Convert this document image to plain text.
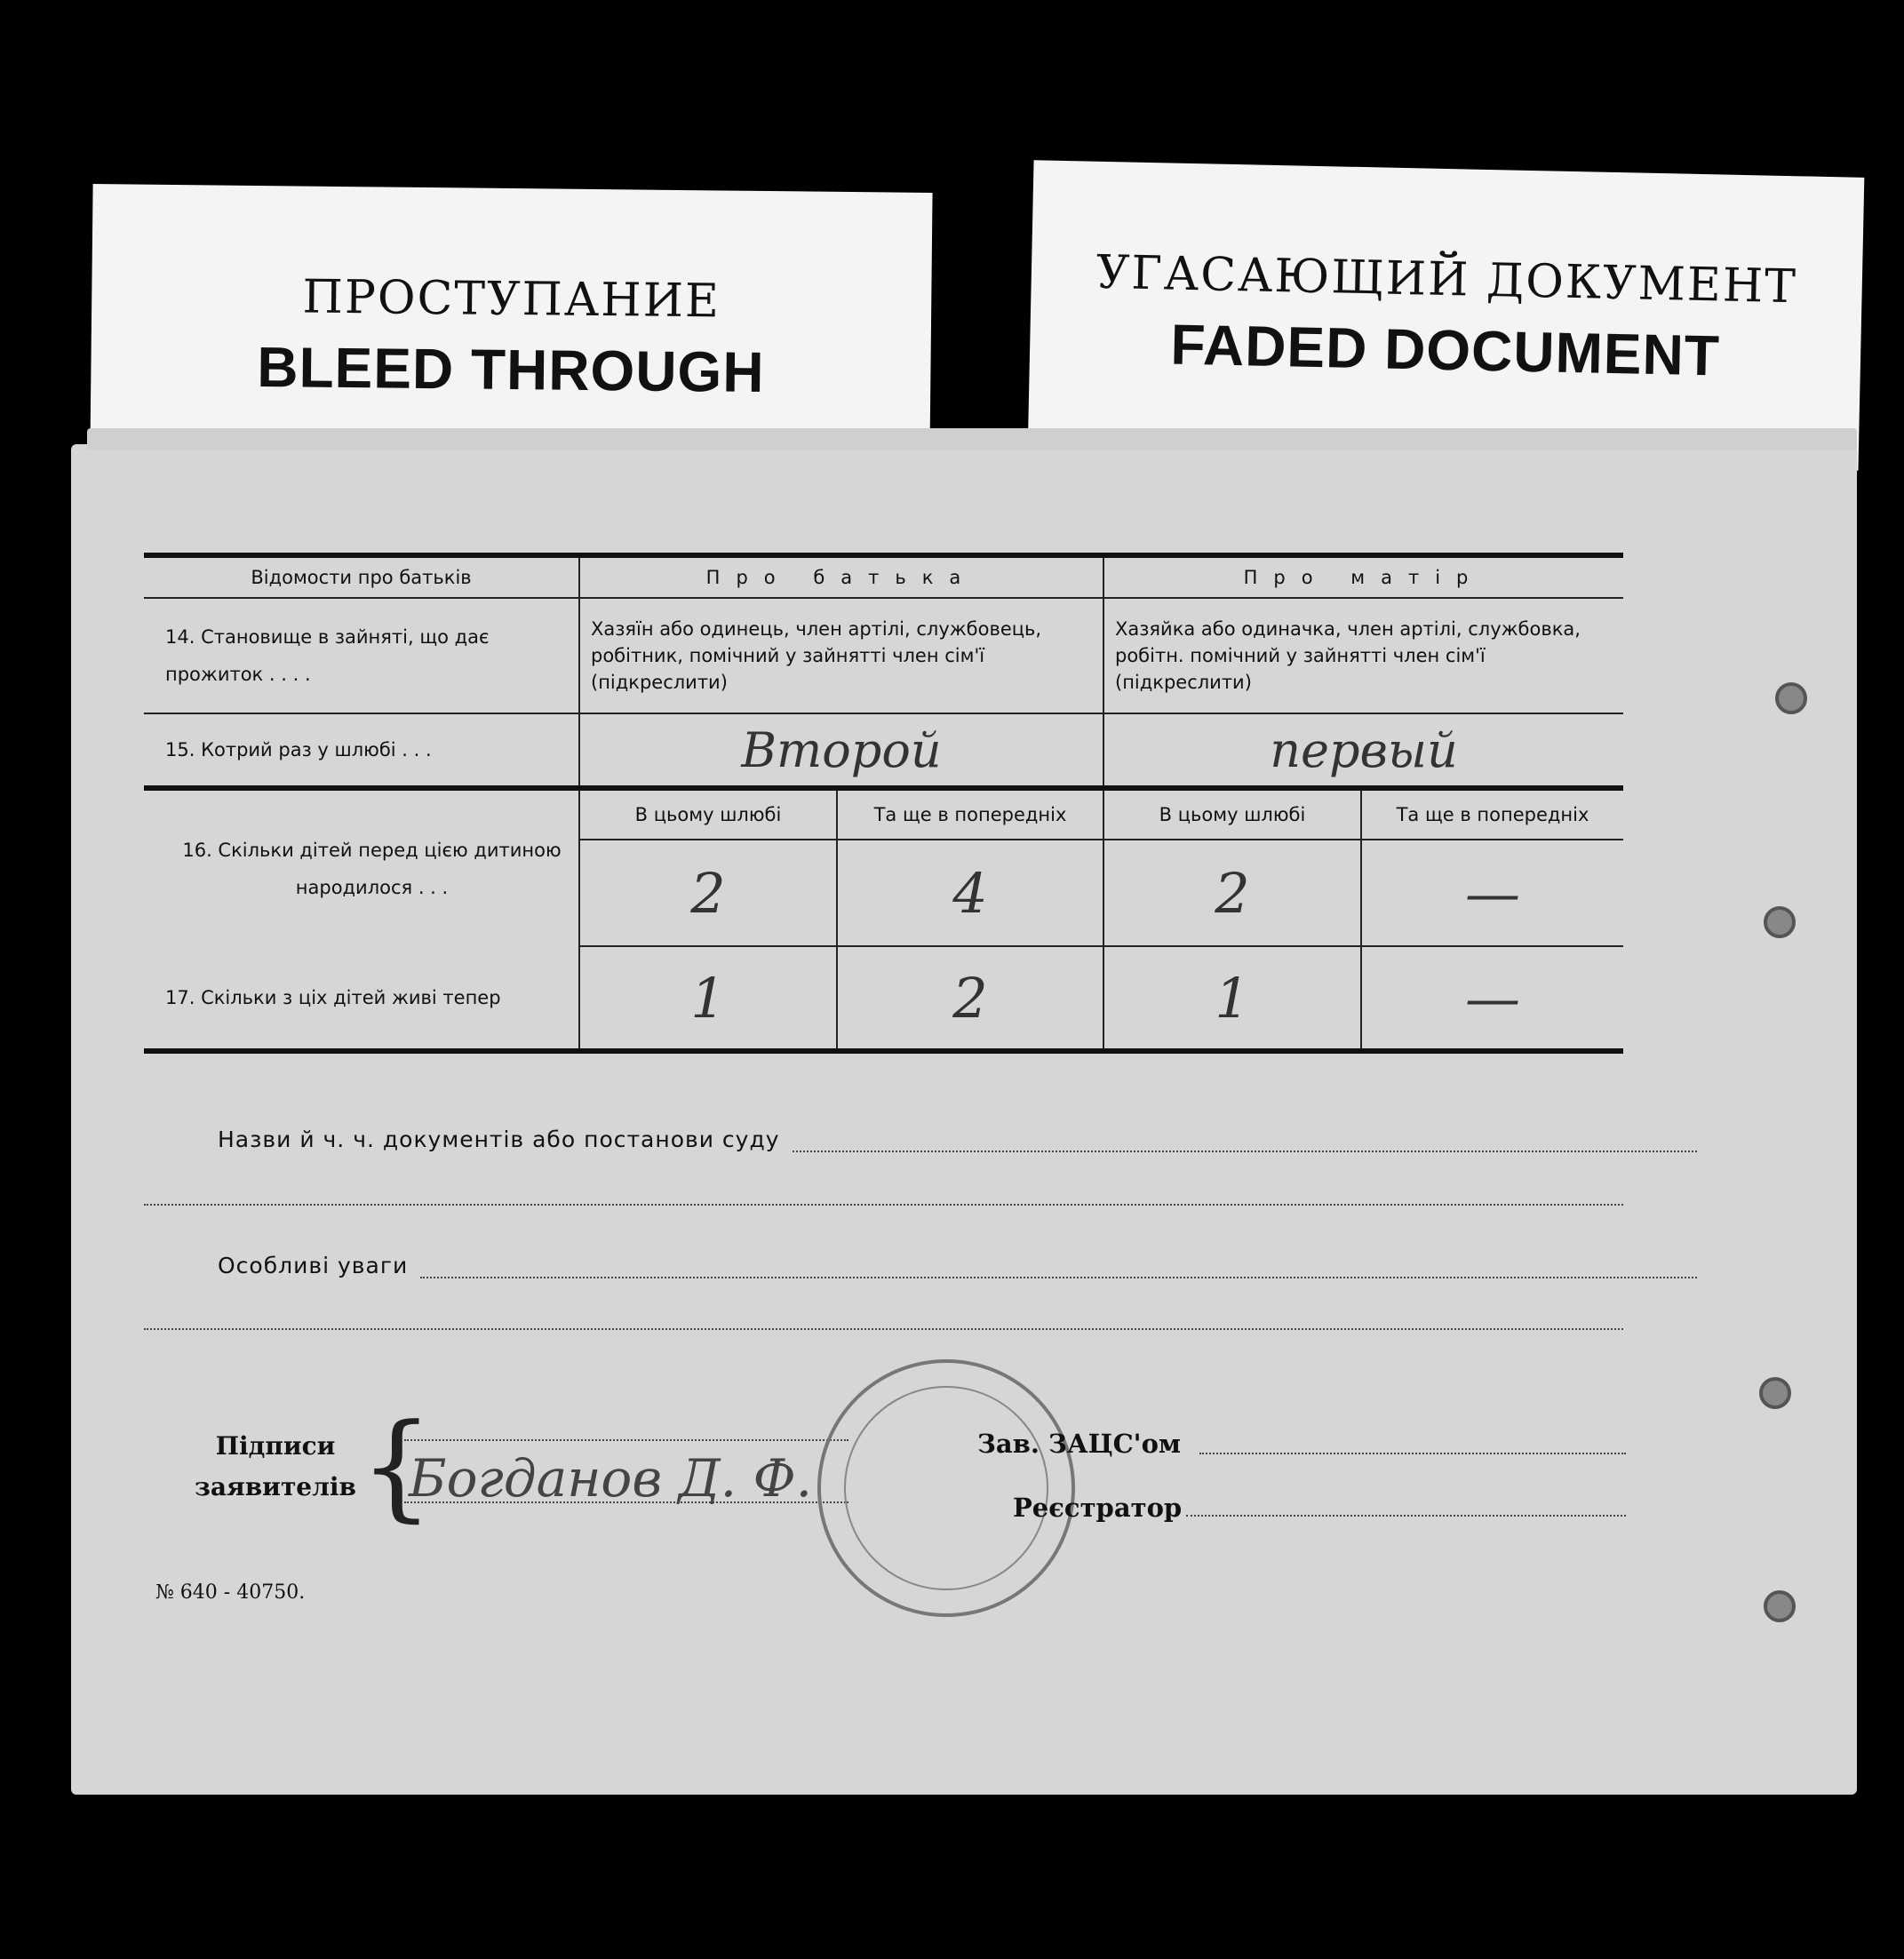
ПРОСТУПАНИЕ
BLEED THROUGH
УГАСАЮЩИЙ ДОКУМЕНТ
FADED DOCUMENT
Відомости про батьків	Про батька		Про матір	
14. Становище в зайняті, що дає прожиток . . . .	Хазяїн або одинець, член артілі, службовець, робітник, помічний у зайнятті член сім'ї (підкреслити)		Хазяйка або одиначка, член артілі, службовка, робітн. помічний у зайнятті член сім'ї (підкреслити)	
15. Котрий раз у шлюбі . . .	Второй		первый	
16. Скільки дітей перед цією дитиною народилося . . .	В цьому шлюбі	Та ще в попередніх	В цьому шлюбі	Та ще в попередніх
	2	4	2	—
17. Скільки з ціх дітей живі тепер	1	2	1	—
Назви й ч. ч. документів або постанови суду
Особливі уваги
Підписи
заявителів {
Богданов Д. Ф.
Зав. ЗАЦС'ом
Реєстратор
№ 640 - 40750.
